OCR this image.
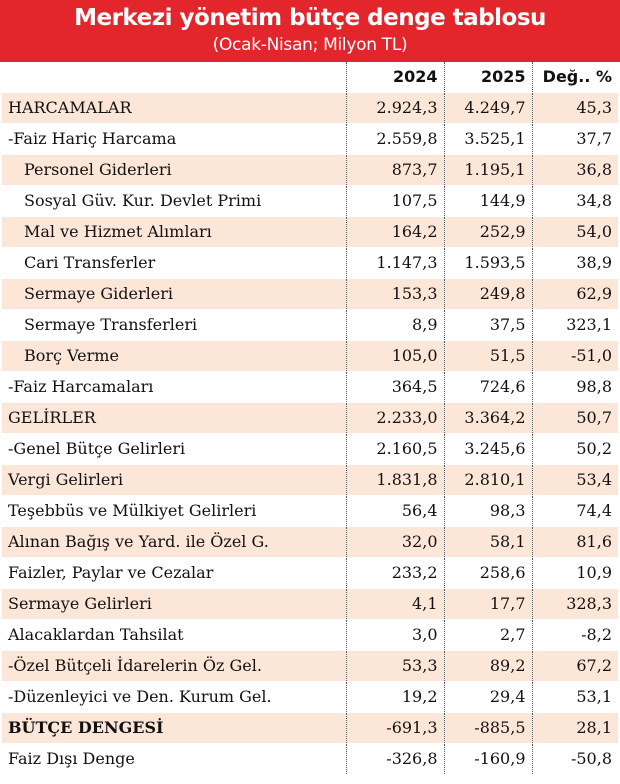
Merkezi yönetim bütçe denge tablosu
(Ocak-Nisan; Milyon TL)
	2024	2025	Değ.. %
HARCAMALAR	2.924,3	4.249,7	45,3
-Faiz Hariç Harcama	2.559,8	3.525,1	37,7
Personel Giderleri	873,7	1.195,1	36,8
Sosyal Güv. Kur. Devlet Primi	107,5	144,9	34,8
Mal ve Hizmet Alımları	164,2	252,9	54,0
Cari Transferler	1.147,3	1.593,5	38,9
Sermaye Giderleri	153,3	249,8	62,9
Sermaye Transferleri	8,9	37,5	323,1
Borç Verme	105,0	51,5	-51,0
-Faiz Harcamaları	364,5	724,6	98,8
GELİRLER	2.233,0	3.364,2	50,7
-Genel Bütçe Gelirleri	2.160,5	3.245,6	50,2
Vergi Gelirleri	1.831,8	2.810,1	53,4
Teşebbüs ve Mülkiyet Gelirleri	56,4	98,3	74,4
Alınan Bağış ve Yard. ile Özel G.	32,0	58,1	81,6
Faizler, Paylar ve Cezalar	233,2	258,6	10,9
Sermaye Gelirleri	4,1	17,7	328,3
Alacaklardan Tahsilat	3,0	2,7	-8,2
-Özel Bütçeli İdarelerin Öz Gel.	53,3	89,2	67,2
-Düzenleyici ve Den. Kurum Gel.	19,2	29,4	53,1
BÜTÇE DENGESİ	-691,3	-885,5	28,1
Faiz Dışı Denge	-326,8	-160,9	-50,8
